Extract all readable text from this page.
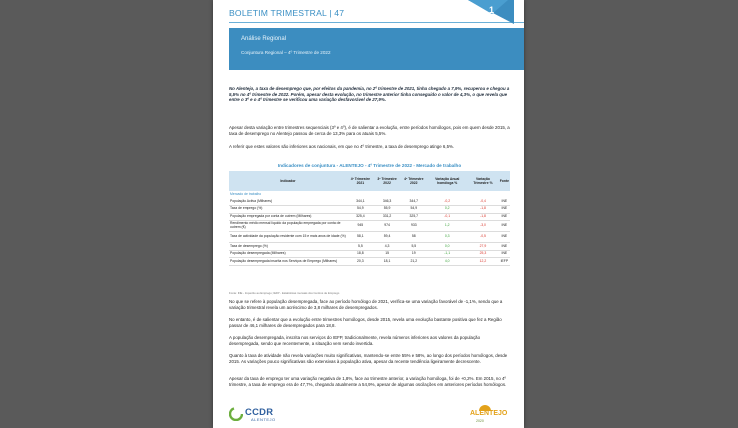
BOLETIM TRIMESTRAL | 47	1
Análise Regional
Conjuntura Regional – 4º Trimestre de 2022
No Alentejo, a taxa de desemprego que, por efeitos da pandemia, no 2º trimestre de 2021, tinha chegado a 7,9%, recuperou e chegou a 5,5% no 4º trimestre de 2022. Porém, apesar desta evolução, no trimestre anterior tinha conseguido o valor de 4,3%, o que revela que entre o 3º e o 4º trimestre se verificou uma variação desfavorável de 27,9%.
Apesar desta variação entre trimestres sequenciais (3º e 4º), é de salientar a evolução, entre períodos homólogos, pois em quem desde 2015, a taxa de desemprego no Alentejo passou de cerca de 13,3% para os atuais 5,5%.
A referir que estes valores são inferiores aos nacionais, em que no 4º trimestre, a taxa de desemprego atinge 6,5%.
Indicadores de conjuntura - ALENTEJO - 4º Trimestre de 2022 - Mercado de trabalho
Indicador	4º Trimestre 2021	3º Trimestre 2022	4º Trimestre 2022	Variação Anual homóloga %	Variação Trimestre %	Fonte
Mercado de trabalho						
População Activa (Milhares)	344,1	346,3	344,7	-0,2	-0,4	INE
Taxa de emprego (%)	54,9	55,9	54,9	0,2	-1,8	INE
População empregada por conta de outrem (Milhares)	325,4	331,2	325,7	-0,1	-1,8	INE
Rendimento médio mensal líquido da população empregada por conta de outrem (€)	945	974	933	1,2	-3,0	INE
Taxa de actividade da população residente com 15 e mais anos de idade (%)	58,1	59,4	58	0,3	-0,5	INE
Taxa de desemprego (%)	5,5	4,3	5,5	0,0	27,9	INE
População desempregada (Milhares)	18,8	15	19	-1,1	25,3	INE
População desempregada inscrita nos Serviços de Emprego (Milhares)	20,3	18,1	21,2	4,0	12,2	IEFP
Fonte: INE - Inquérito ao Emprego; IEFP - Estatísticas mensais dos Centros de Emprego
No que se refere à população desempregada, face ao período homólogo de 2021, verifica-se uma variação favorável de -1,1%, sendo que a variação trimestral revela um acréscimo de 3,8 milhares de desempregados.
No entanto, é de salientar que a evolução entre trimestres homólogos, desde 2015, revela uma evolução bastante positiva que fez a Região passar de 46,1 milhares de desempregados para 18,8.
A população desempregada, inscrita nos serviços do IEFP, tradicionalmente, revela números inferiores aos valores da população desempregada, sendo que recentemente, a situação vem sendo invertida.
Quanto à taxa de atividade não revela variações muito significativas, mantendo-se entre 55% e 58%, ao longo dos períodos homólogos, desde 2015. As variações pouco significativas são extensivas à população ativa, apesar da recente tendência ligeiramente decrescente.
Apesar da taxa de emprego ter uma variação negativa de 1,8%, face ao trimestre anterior, a variação homóloga, foi de +0,2%. Em 2015, no 4º trimestre, a taxa de emprego era de 47,7%, chegando atualmente a 54,9%, apesar de algumas oscilações em anteriores períodos homólogos.
CCDR
ALENTEJO
ALENTEJO
2020
